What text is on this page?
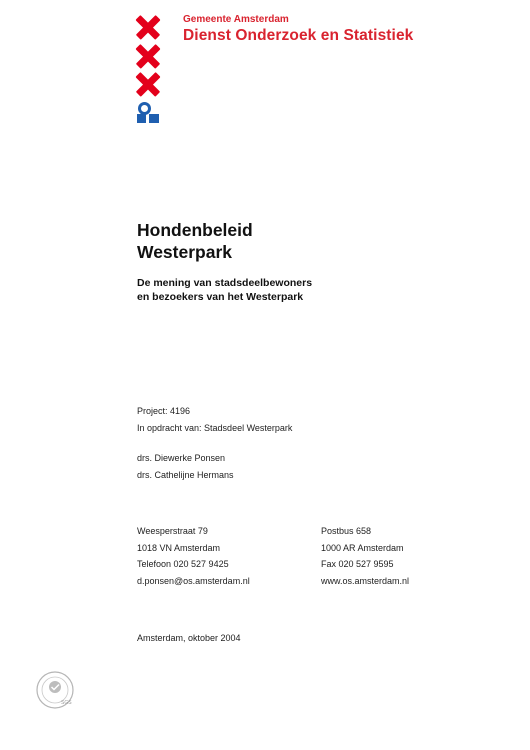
Gemeente Amsterdam
Dienst Onderzoek en Statistiek
Hondenbeleid
Westerpark
De mening van stadsdeelbewoners
en bezoekers van het Westerpark
Project: 4196
In opdracht van: Stadsdeel Westerpark
drs. Diewerke Ponsen
drs. Cathelijne Hermans
Weesperstraat 79
1018 VN Amsterdam
Telefoon 020 527 9425
d.ponsen@os.amsterdam.nl
Postbus 658
1000 AR Amsterdam
Fax 020 527 9595
www.os.amsterdam.nl
Amsterdam, oktober 2004
SGS
